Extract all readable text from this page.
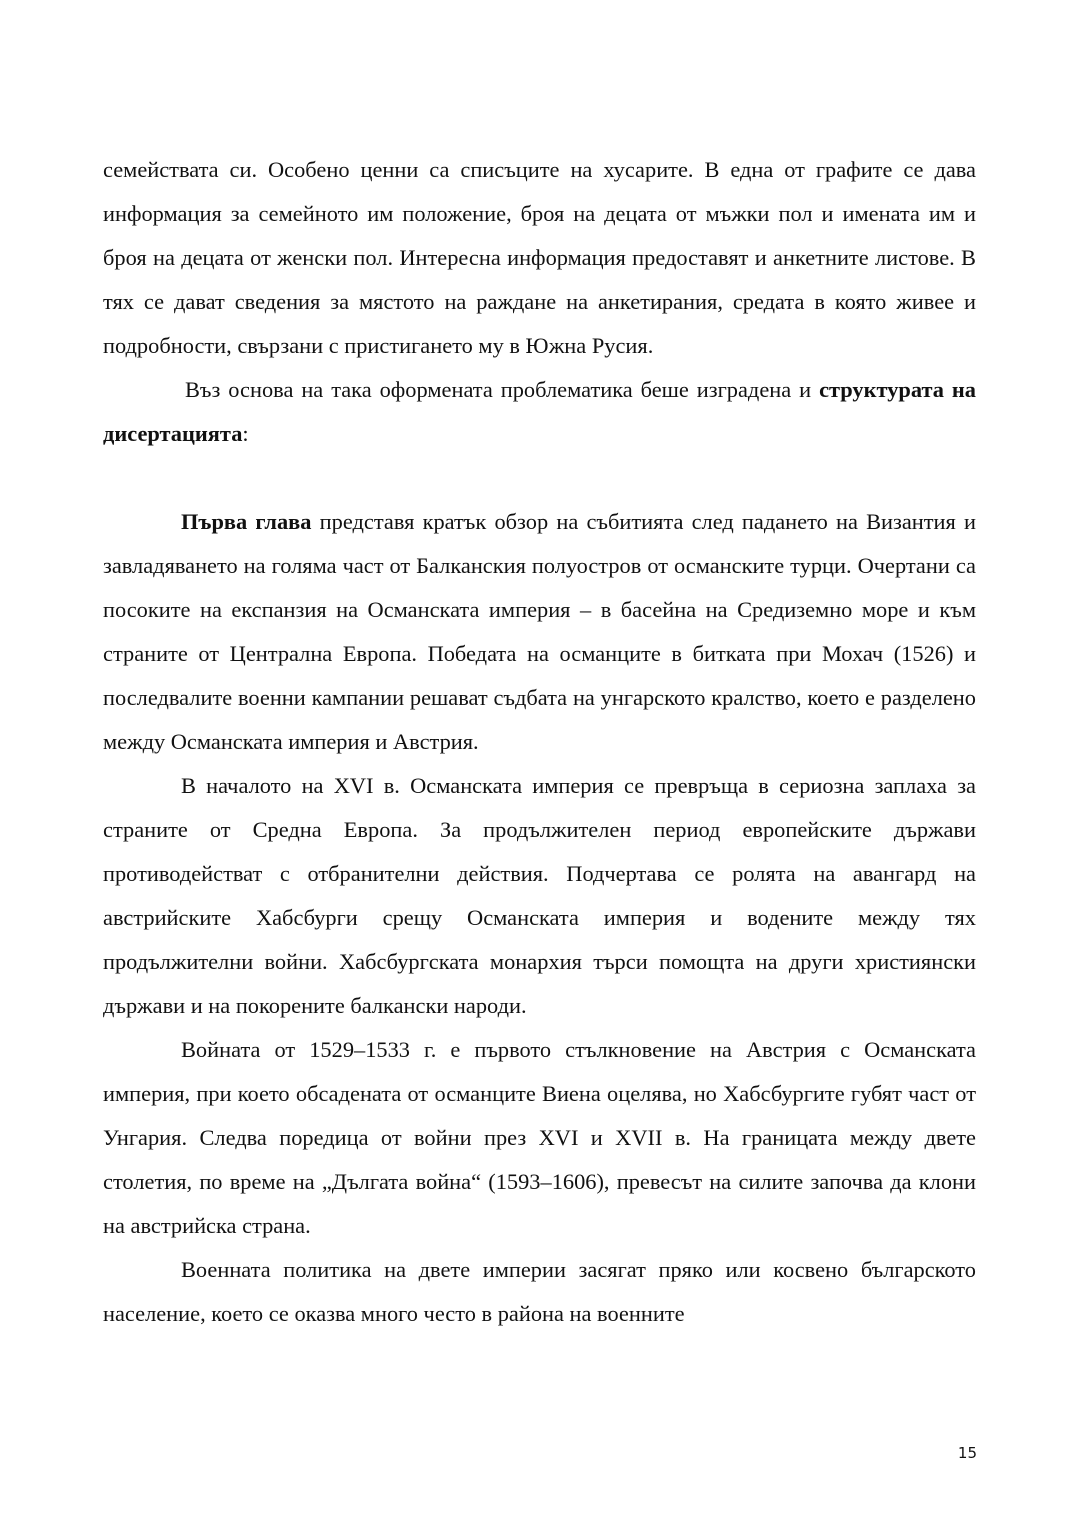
семействата си. Особено ценни са списъците на хусарите. В една от графите се дава информация за семейното им положение, броя на децата от мъжки пол и имената им и броя на децата от женски пол. Интересна информация предоставят и анкетните листове. В тях се дават сведения за мястото на раждане на анкетирания, средата в която живее и подробности, свързани с пристигането му в Южна Русия.

Въз основа на така оформената проблематика беше изградена и структурата на дисертацията:

Първа глава представя кратък обзор на събитията след падането на Византия и завладяването на голяма част от Балканския полуостров от османските турци. Очертани са посоките на експанзия на Османската империя – в басейна на Средиземно море и към страните от Централна Европа. Победата на османците в битката при Мохач (1526) и последвалите военни кампании решават съдбата на унгарското кралство, което е разделено между Османската империя и Австрия.

В началото на XVI в. Османската империя се превръща в сериозна заплаха за страните от Средна Европа. За продължителен период европейските държави противодействат с отбранителни действия. Подчертава се ролята на авангард на австрийските Хабсбурги срещу Османската империя и водените между тях продължителни войни. Хабсбургската монархия търси помощта на други християнски държави и на покорените балкански народи.

Войната от 1529–1533 г. е първото стълкновение на Австрия с Османската империя, при което обсадената от османците Виена оцелява, но Хабсбургите губят част от Унгария. Следва поредица от войни през XVI и XVII в. На границата между двете столетия, по време на „Дългата война“ (1593–1606), превесът на силите започва да клони на австрийска страна.

Военната политика на двете империи засягат пряко или косвено българското население, което се оказва много често в района на военните

15
